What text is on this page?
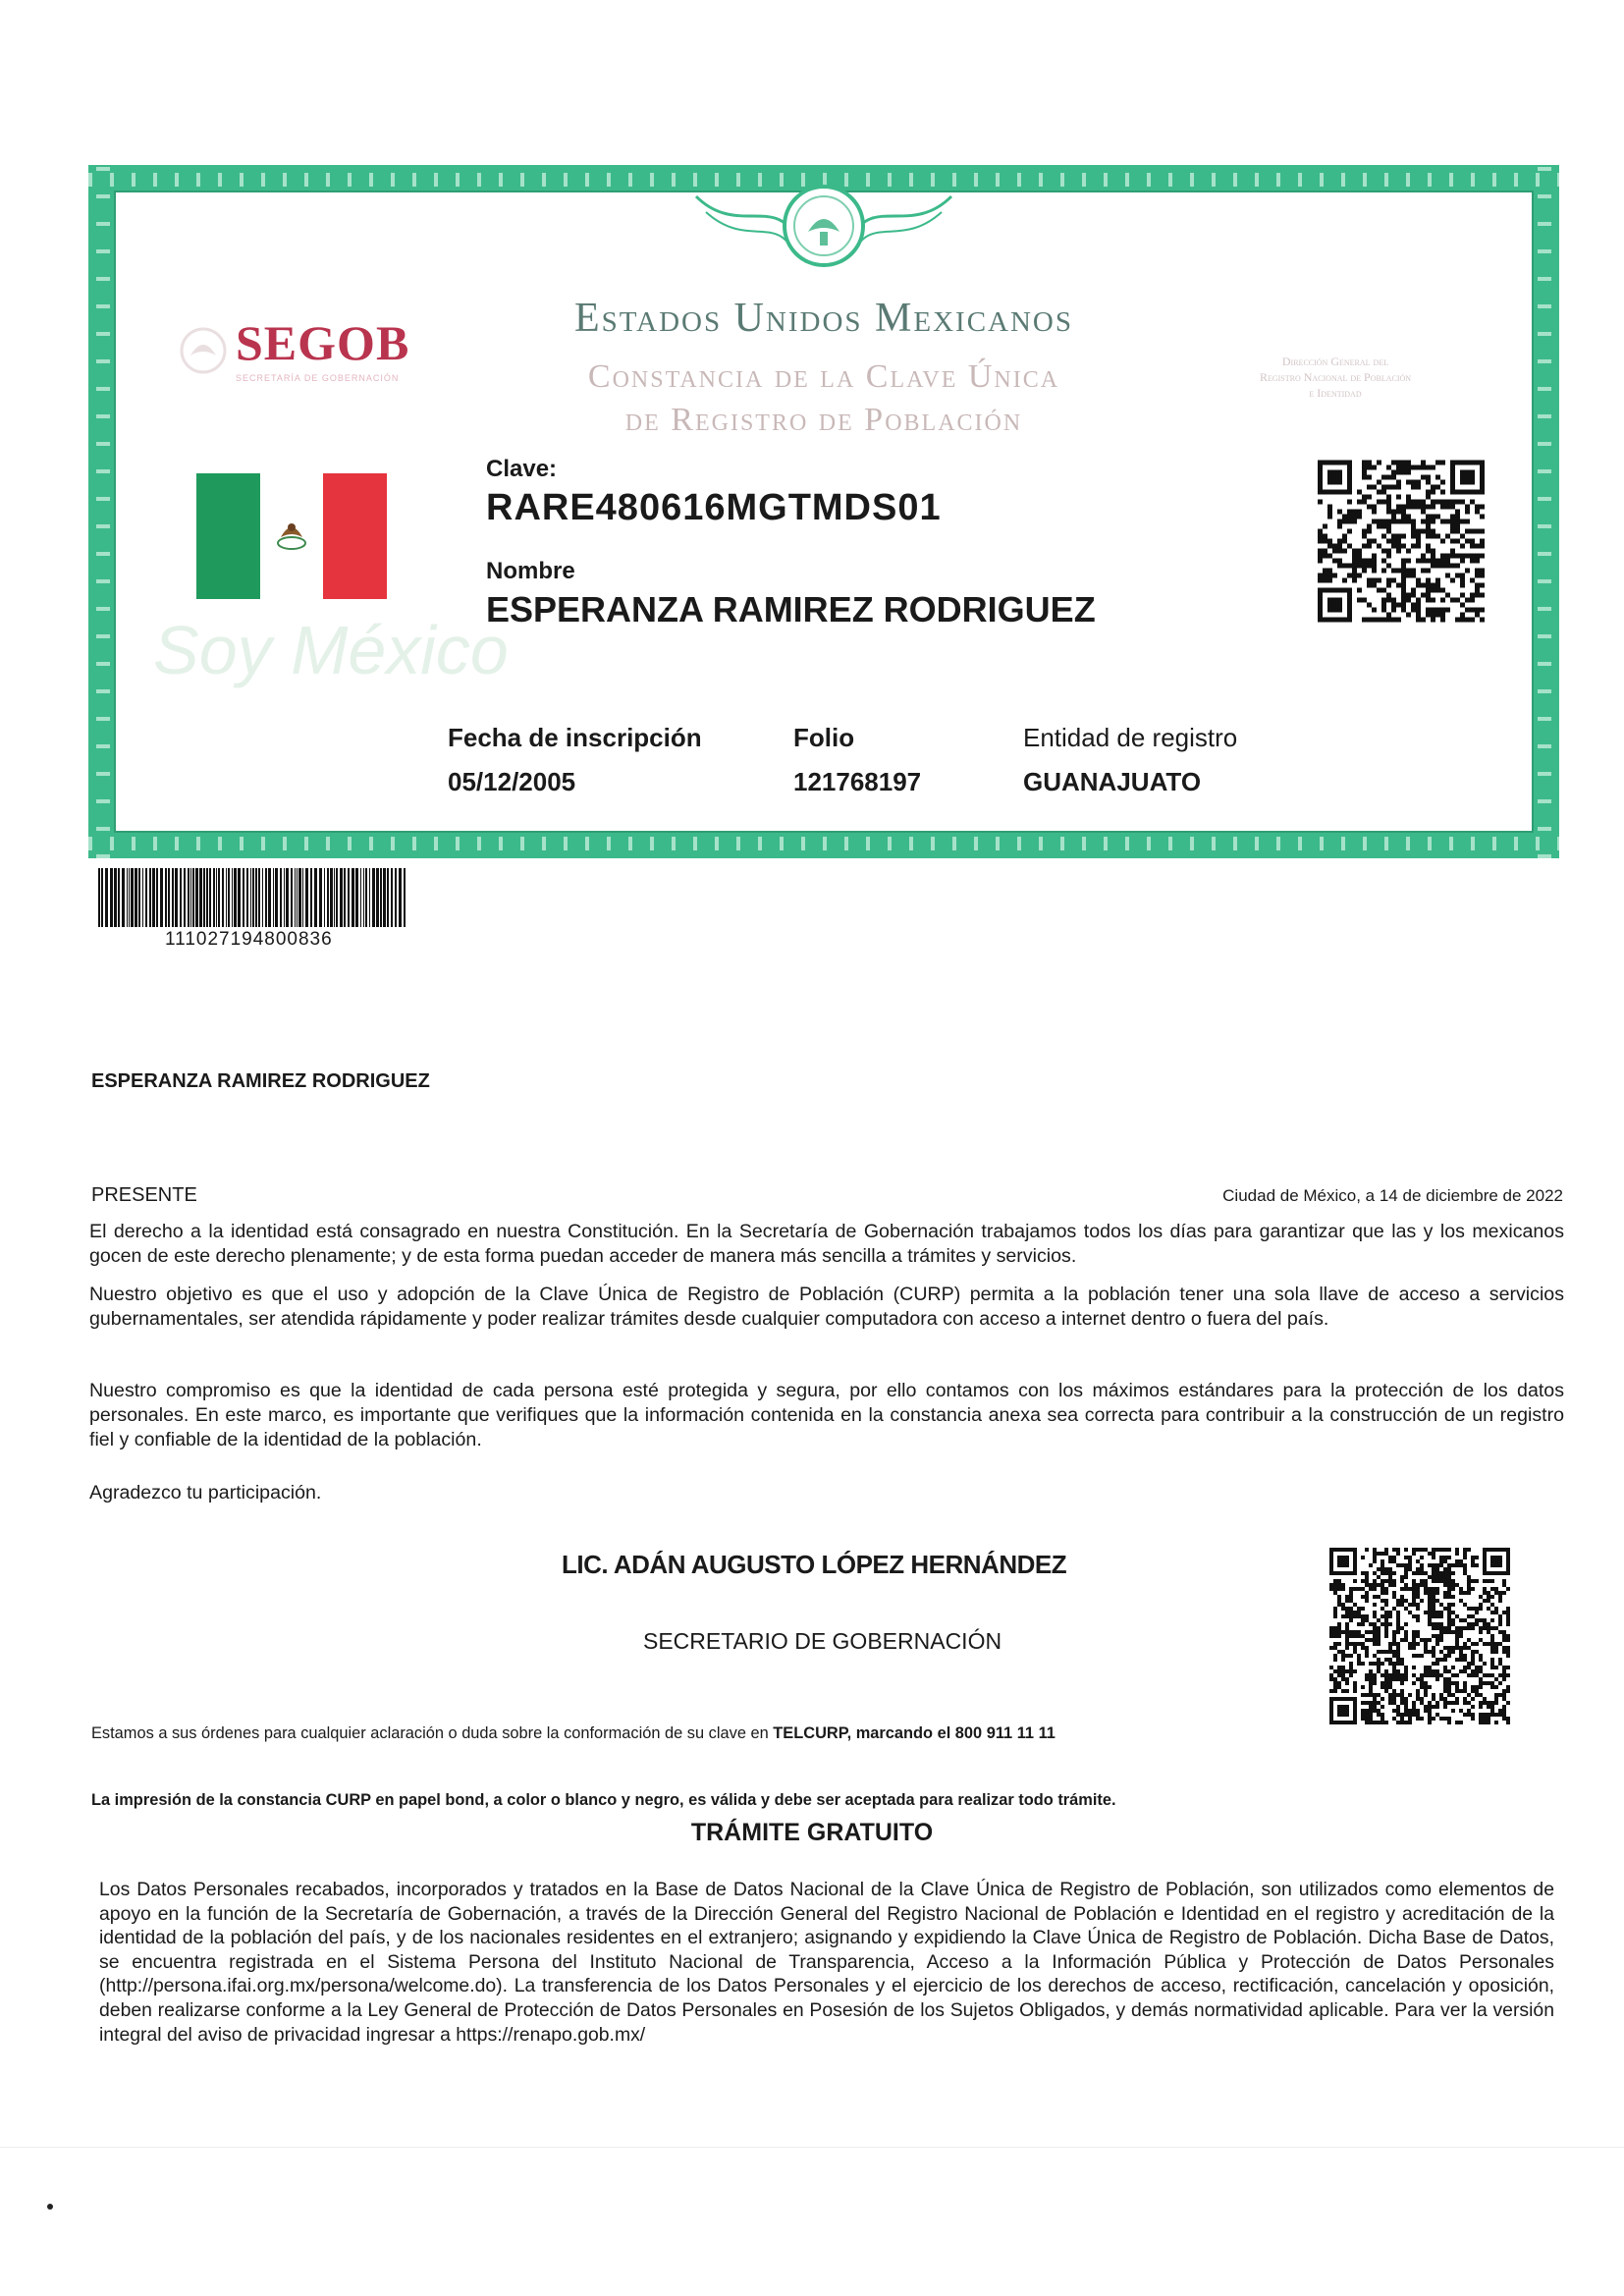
Estados Unidos Mexicanos
Constancia de la Clave Única
de Registro de Población
SEGOB
SECRETARÍA DE GOBERNACIÓN
Dirección General del
Registro Nacional de Población
e Identidad
Soy México
Clave:
RARE480616MGTMDS01
Nombre
ESPERANZA RAMIREZ RODRIGUEZ
Fecha de inscripción
05/12/2005
Folio
121768197
Entidad de registro
GUANAJUATO
111027194800836
ESPERANZA RAMIREZ RODRIGUEZ
PRESENTE	Ciudad de México, a 14 de diciembre de 2022

El derecho a la identidad está consagrado en nuestra Constitución. En la Secretaría de Gobernación trabajamos todos los días para garantizar que las y los mexicanos gocen de este derecho plenamente; y de esta forma puedan acceder de manera más sencilla a trámites y servicios.

Nuestro objetivo es que el uso y adopción de la Clave Única de Registro de Población (CURP) permita a la población tener una sola llave de acceso a servicios gubernamentales, ser atendida rápidamente y poder realizar trámites desde cualquier computadora con acceso a internet dentro o fuera del país.

Nuestro compromiso es que la identidad de cada persona esté protegida y segura, por ello contamos con los máximos estándares para la protección de los datos personales. En este marco, es importante que verifiques que la información contenida en la constancia anexa sea correcta para contribuir a la construcción de un registro fiel y confiable de la identidad de la población.

Agradezco tu participación.

LIC. ADÁN AUGUSTO LÓPEZ HERNÁNDEZ
SECRETARIO DE GOBERNACIÓN
Estamos a sus órdenes para cualquier aclaración o duda sobre la conformación de su clave en TELCURP, marcando el 800 911 11 11
La impresión de la constancia CURP en papel bond, a color o blanco y negro, es válida y debe ser aceptada para realizar todo trámite.
TRÁMITE GRATUITO

Los Datos Personales recabados, incorporados y tratados en la Base de Datos Nacional de la Clave Única de Registro de Población, son utilizados como elementos de apoyo en la función de la Secretaría de Gobernación, a través de la Dirección General del Registro Nacional de Población e Identidad en el registro y acreditación de la identidad de la población del país, y de los nacionales residentes en el extranjero; asignando y expidiendo la Clave Única de Registro de Población. Dicha Base de Datos, se encuentra registrada en el Sistema Persona del Instituto Nacional de Transparencia, Acceso a la Información Pública y Protección de Datos Personales (http://persona.ifai.org.mx/persona/welcome.do). La transferencia de los Datos Personales y el ejercicio de los derechos de acceso, rectificación, cancelación y oposición, deben realizarse conforme a la Ley General de Protección de Datos Personales en Posesión de los Sujetos Obligados, y demás normatividad aplicable. Para ver la versión integral del aviso de privacidad ingresar a https://renapo.gob.mx/
